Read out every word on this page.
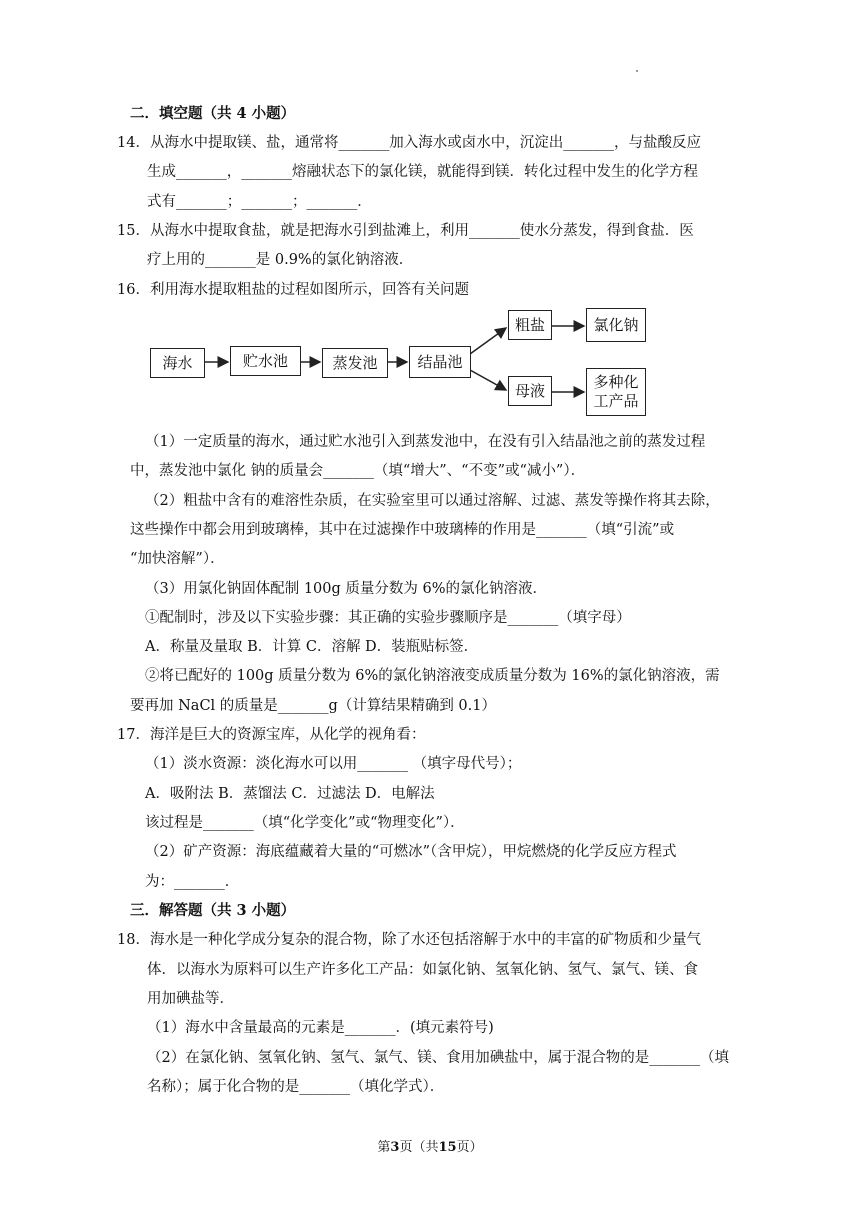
二．填空题（共 4 小题）
14．从海水中提取镁、盐，通常将_______加入海水或卤水中，沉淀出_______，与盐酸反应
生成_______，_______熔融状态下的氯化镁，就能得到镁．转化过程中发生的化学方程
式有_______；_______；_______．
15．从海水中提取食盐，就是把海水引到盐滩上，利用_______使水分蒸发，得到食盐．医
疗上用的_______是 0.9%的氯化钠溶液．
16．利用海水提取粗盐的过程如图所示，回答有关问题
海水	贮水池	蒸发池	结晶池
粗盐	氯化钠
母液	多种化
工产品
（1）一定质量的海水，通过贮水池引入到蒸发池中，在没有引入结晶池之前的蒸发过程
中，蒸发池中氯化 钠的质量会_______（填“增大”、“不变”或“减小”）．
（2）粗盐中含有的难溶性杂质，在实验室里可以通过溶解、过滤、蒸发等操作将其去除，
这些操作中都会用到玻璃棒，其中在过滤操作中玻璃棒的作用是_______（填“引流”或
“加快溶解”）．
（3）用氯化钠固体配制 100g 质量分数为 6%的氯化钠溶液．
①配制时，涉及以下实验步骤：其正确的实验步骤顺序是_______（填字母）
A．称量及量取 B．计算 C．溶解 D．装瓶贴标签．
②将已配好的 100g 质量分数为 6%的氯化钠溶液变成质量分数为 16%的氯化钠溶液，需
要再加 NaCl 的质量是_______g（计算结果精确到 0.1）
17．海洋是巨大的资源宝库，从化学的视角看：
（1）淡水资源：淡化海水可以用_______ （填字母代号）；
A．吸附法 B．蒸馏法 C．过滤法 D．电解法
该过程是_______（填“化学变化”或“物理变化”）．
（2）矿产资源：海底蕴藏着大量的“可燃冰”（含甲烷），甲烷燃烧的化学反应方程式
为：_______．
三．解答题（共 3 小题）
18．海水是一种化学成分复杂的混合物，除了水还包括溶解于水中的丰富的矿物质和少量气
体．以海水为原料可以生产许多化工产品：如氯化钠、氢氧化钠、氢气、氯气、镁、食
用加碘盐等．
（1）海水中含量最高的元素是_______．(填元素符号)
（2）在氯化钠、氢氧化钠、氢气、氯气、镁、食用加碘盐中，属于混合物的是_______（填
名称）；属于化合物的是_______（填化学式）．
第3页（共15页）
